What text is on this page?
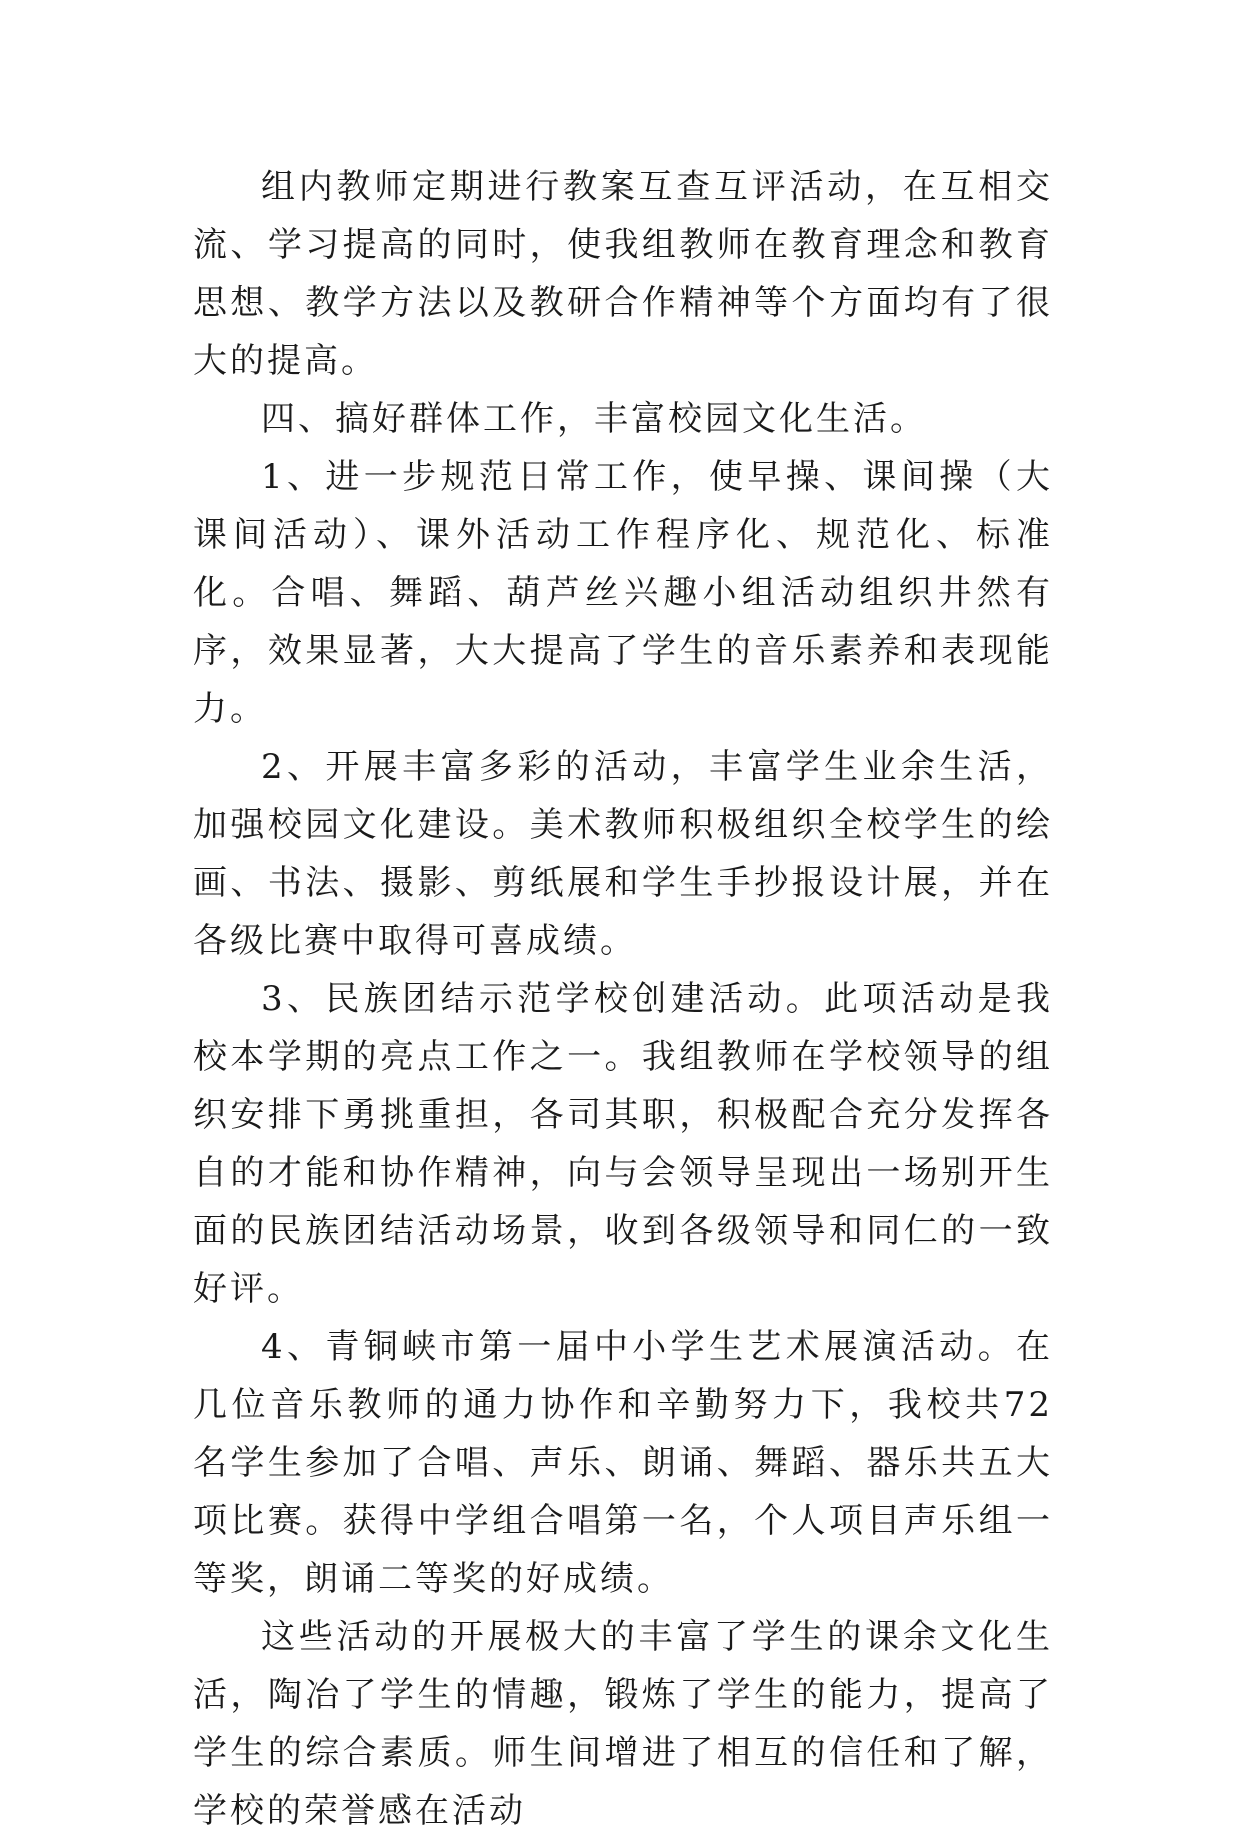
组内教师定期进行教案互查互评活动，在互相交流、学习提高的同时，使我组教师在教育理念和教育思想、教学方法以及教研合作精神等个方面均有了很大的提高。

四、搞好群体工作，丰富校园文化生活。

1、进一步规范日常工作，使早操、课间操（大课间活动）、课外活动工作程序化、规范化、标准化。合唱、舞蹈、葫芦丝兴趣小组活动组织井然有序，效果显著，大大提高了学生的音乐素养和表现能力。

2、开展丰富多彩的活动，丰富学生业余生活，加强校园文化建设。美术教师积极组织全校学生的绘画、书法、摄影、剪纸展和学生手抄报设计展，并在各级比赛中取得可喜成绩。

3、民族团结示范学校创建活动。此项活动是我校本学期的亮点工作之一。我组教师在学校领导的组织安排下勇挑重担，各司其职，积极配合充分发挥各自的才能和协作精神，向与会领导呈现出一场别开生面的民族团结活动场景，收到各级领导和同仁的一致好评。

4、青铜峡市第一届中小学生艺术展演活动。在几位音乐教师的通力协作和辛勤努力下，我校共72名学生参加了合唱、声乐、朗诵、舞蹈、器乐共五大项比赛。获得中学组合唱第一名，个人项目声乐组一等奖，朗诵二等奖的好成绩。

这些活动的开展极大的丰富了学生的课余文化生活，陶冶了学生的情趣，锻炼了学生的能力，提高了学生的综合素质。师生间增进了相互的信任和了解，学校的荣誉感在活动
